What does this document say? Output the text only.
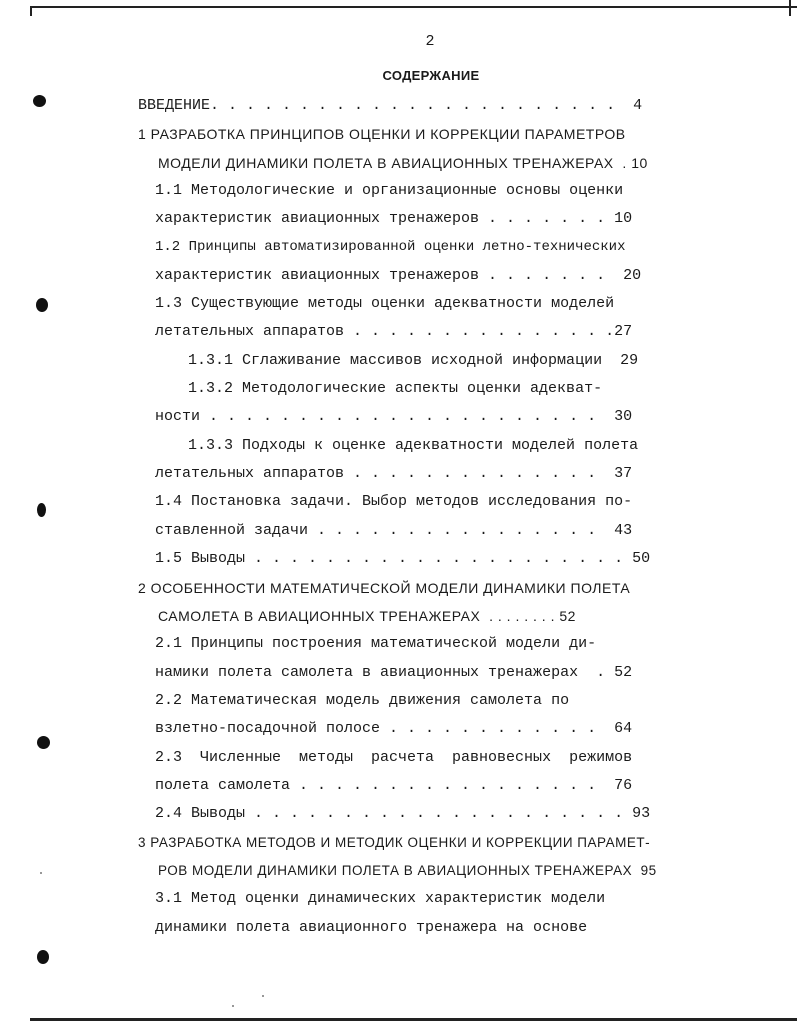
2
СОДЕРЖАНИЕ
ВВЕДЕНИЕ. . . . . . . . . . . . . . . . . . . . . . .  4
1 РАЗРАБОТКА ПРИНЦИПОВ ОЦЕНКИ И КОРРЕКЦИИ ПАРАМЕТРОВ
МОДЕЛИ ДИНАМИКИ ПОЛЕТА В АВИАЦИОННЫХ ТРЕНАЖЕРАХ  . 10
1.1 Методологические и организационные основы оценки
характеристик авиационных тренажеров . . . . . . . 10
1.2 Принципы автоматизированной оценки летно-технических
характеристик авиационных тренажеров . . . . . . .  20
1.3 Существующие методы оценки адекватности моделей
летательных аппаратов . . . . . . . . . . . . . . .27
1.3.1 Сглаживание массивов исходной информации  29
1.3.2 Методологические аспекты оценки адекват-
ности . . . . . . . . . . . . . . . . . . . . . .  30
1.3.3 Подходы к оценке адекватности моделей полета
летательных аппаратов . . . . . . . . . . . . . .  37
1.4 Постановка задачи. Выбор методов исследования по-
ставленной задачи . . . . . . . . . . . . . . . .  43
1.5 Выводы . . . . . . . . . . . . . . . . . . . . . 50
2 ОСОБЕННОСТИ МАТЕМАТИЧЕСКОЙ МОДЕЛИ ДИНАМИКИ ПОЛЕТА
САМОЛЕТА В АВИАЦИОННЫХ ТРЕНАЖЕРАХ  . . . . . . . . 52
2.1 Принципы построения математической модели ди-
намики полета самолета в авиационных тренажерах  . 52
2.2 Математическая модель движения самолета по
взлетно-посадочной полосе . . . . . . . . . . . .  64
2.3  Численные  методы  расчета  равновесных  режимов
полета самолета . . . . . . . . . . . . . . . . .  76
2.4 Выводы . . . . . . . . . . . . . . . . . . . . . 93
3 РАЗРАБОТКА МЕТОДОВ И МЕТОДИК ОЦЕНКИ И КОРРЕКЦИИ ПАРАМЕТ-
РОВ МОДЕЛИ ДИНАМИКИ ПОЛЕТА В АВИАЦИОННЫХ ТРЕНАЖЕРАХ  95
3.1 Метод оценки динамических характеристик модели
динамики полета авиационного тренажера на основе
